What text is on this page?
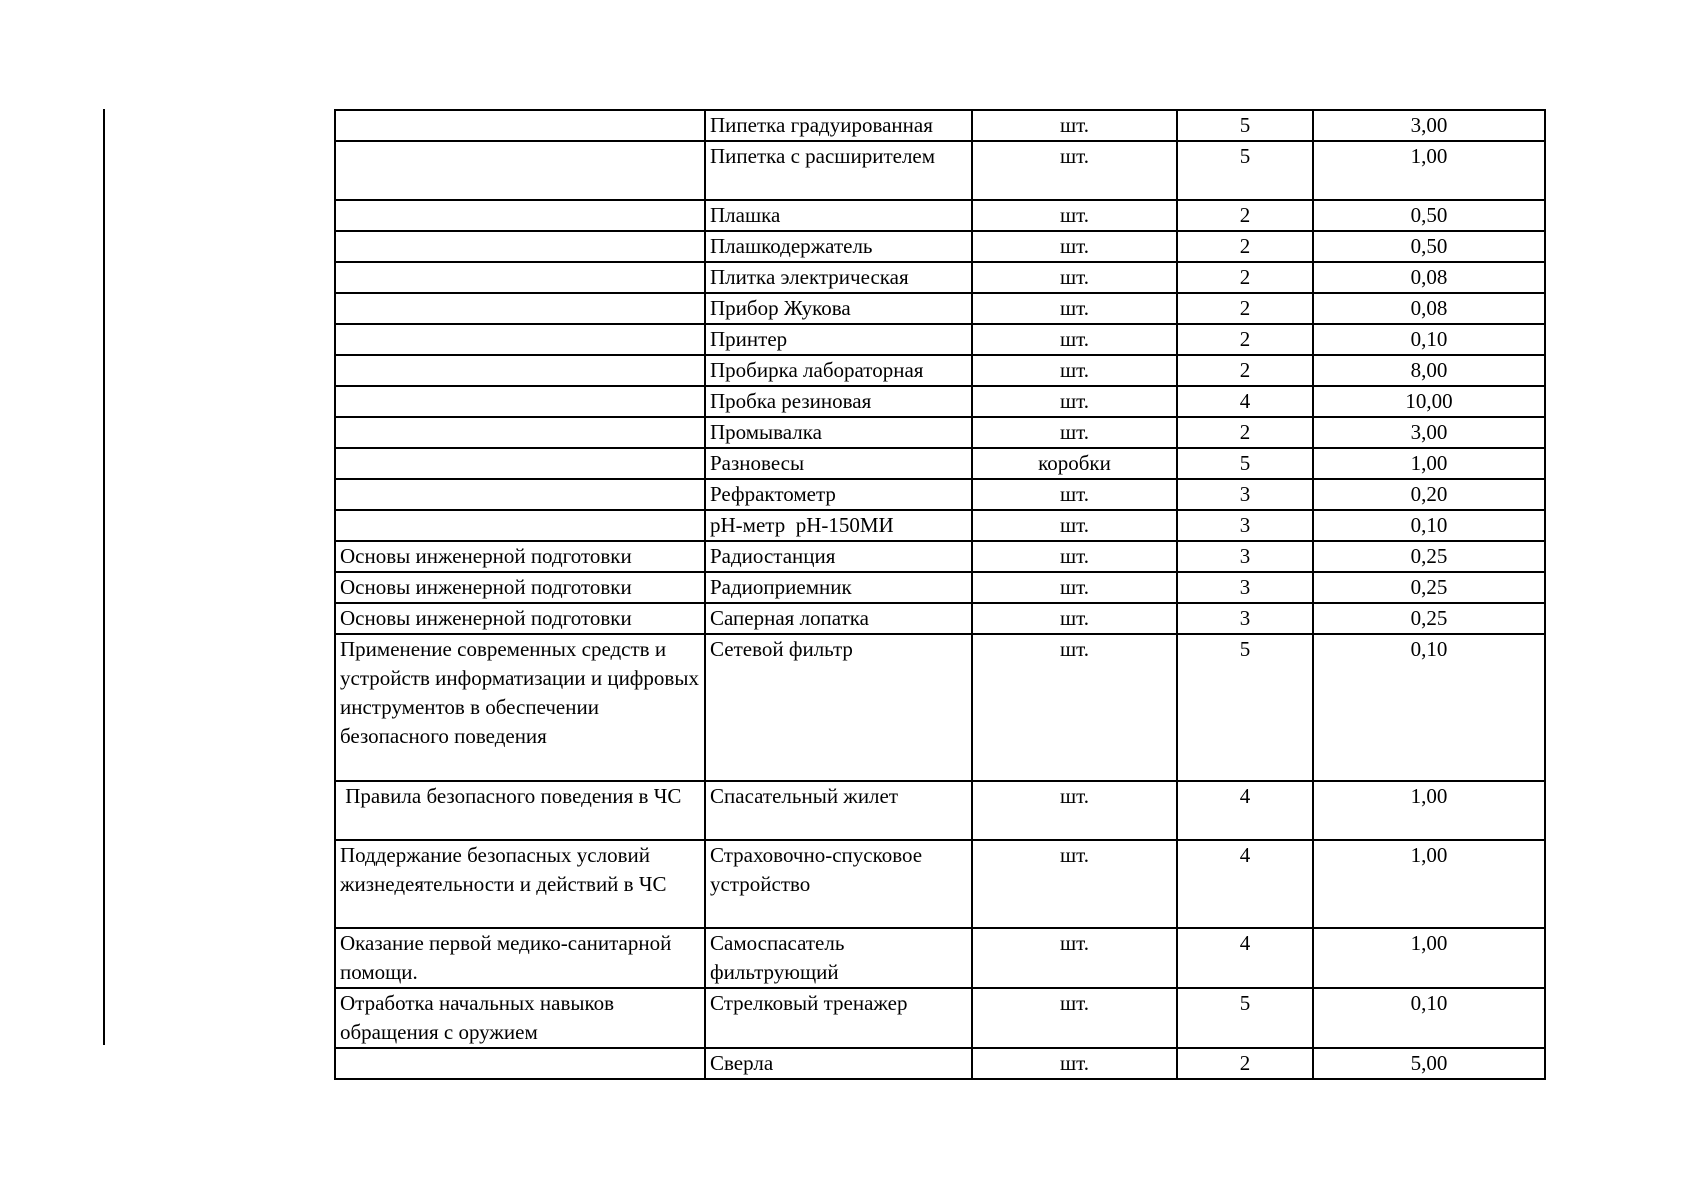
	Пипетка градуированная	шт.	5	3,00
	Пипетка с расширителем	шт.	5	1,00
	Плашка	шт.	2	0,50
	Плашкодержатель	шт.	2	0,50
	Плитка электрическая	шт.	2	0,08
	Прибор Жукова	шт.	2	0,08
	Принтер	шт.	2	0,10
	Пробирка лабораторная	шт.	2	8,00
	Пробка резиновая	шт.	4	10,00
	Промывалка	шт.	2	3,00
	Разновесы	коробки	5	1,00
	Рефрактометр	шт.	3	0,20
	рН-метр  рН-150МИ	шт.	3	0,10
Основы инженерной подготовки	Радиостанция	шт.	3	0,25
Основы инженерной подготовки	Радиоприемник	шт.	3	0,25
Основы инженерной подготовки	Саперная лопатка	шт.	3	0,25
Применение современных средств и устройств информатизации и цифровых инструментов в обеспечении безопасного поведения	Сетевой фильтр	шт.	5	0,10
Правила безопасного поведения в ЧС	Спасательный жилет	шт.	4	1,00
Поддержание безопасных условий жизнедеятельности и действий в ЧС	Страховочно-спусковое устройство	шт.	4	1,00
Оказание первой медико-санитарной помощи.	Самоспасатель фильтрующий	шт.	4	1,00
Отработка начальных навыков обращения с оружием	Стрелковый тренажер	шт.	5	0,10
	Сверла	шт.	2	5,00
